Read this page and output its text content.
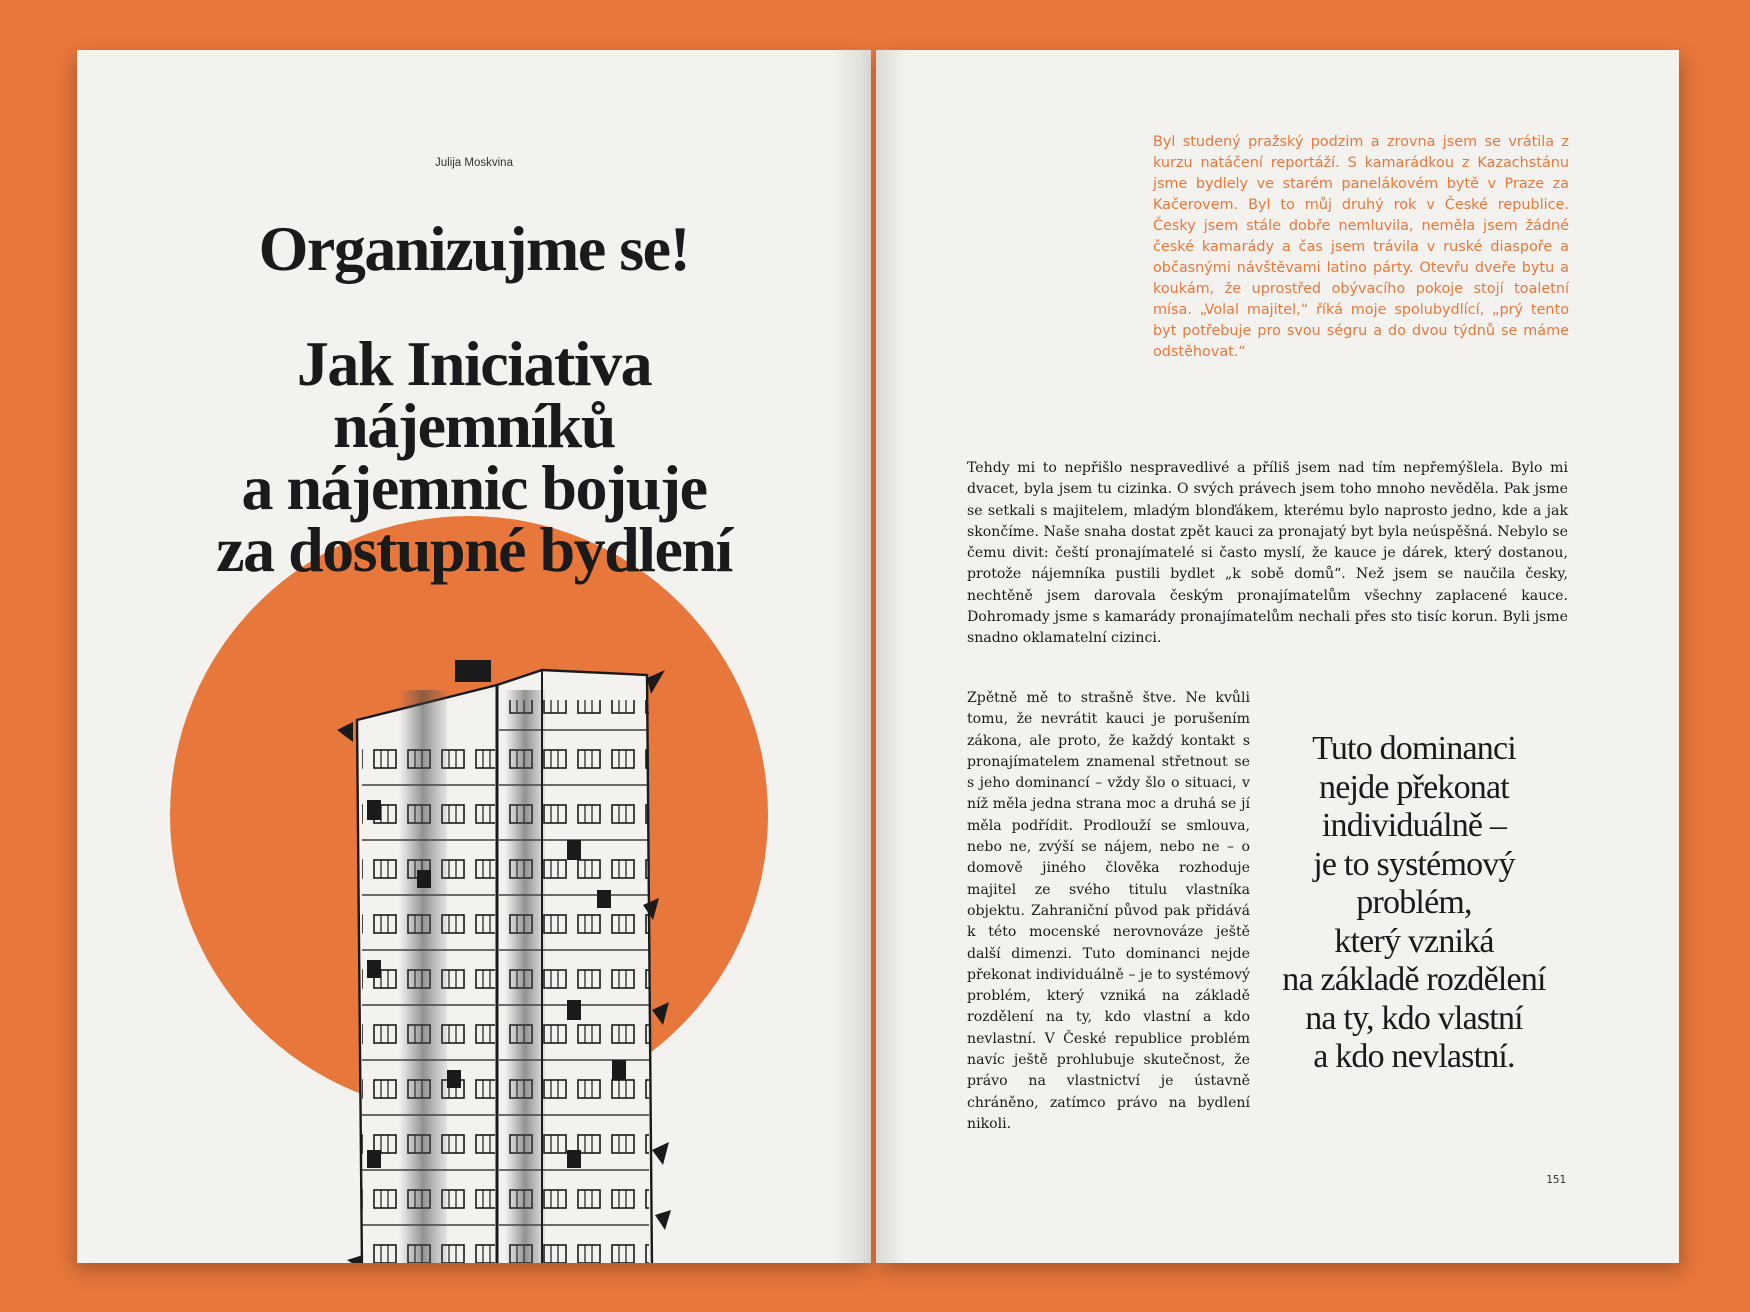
Julija Moskvina
Organizujme se!
Jak Iniciativa
nájemníků
a nájemnic bojuje
za dostupné bydlení

Byl studený pražský podzim a zrovna jsem se vrátila z kurzu natáčení reportáží. S kamarádkou z Kazachstánu jsme bydlely ve starém panelákovém bytě v Praze za Kačerovem. Byl to můj druhý rok v České republice. Česky jsem stále dobře nemluvila, neměla jsem žádné české kamarády a čas jsem trávila v ruské diaspoře a občasnými návštěvami latino párty. Otevřu dveře bytu a koukám, že uprostřed obývacího pokoje stojí toaletní mísa. „Volal majitel,“ říká moje spolubydlící, „prý tento byt potřebuje pro svou ségru a do dvou týdnů se máme odstěhovat.“

Tehdy mi to nepřišlo nespravedlivé a příliš jsem nad tím nepřemýšlela. Bylo mi dvacet, byla jsem tu cizinka. O svých právech jsem toho mnoho nevěděla. Pak jsme se setkali s majitelem, mladým blonďákem, kterému bylo naprosto jedno, kde a jak skončíme. Naše snaha dostat zpět kauci za pronajatý byt byla neúspěšná. Nebylo se čemu divit: čeští pronajímatelé si často myslí, že kauce je dárek, který dostanou, protože nájemníka pustili bydlet „k sobě domů“. Než jsem se naučila česky, nechtěně jsem darovala českým pronajímatelům všechny zaplacené kauce. Dohromady jsme s kamarády pronajímatelům nechali přes sto tisíc korun. Byli jsme snadno oklamatelní cizinci.

Zpětně mě to strašně štve. Ne kvůli tomu, že nevrátit kauci je porušením zákona, ale proto, že každý kontakt s pronajímatelem znamenal střetnout se s jeho dominancí – vždy šlo o situaci, v níž měla jedna strana moc a druhá se jí měla podřídit. Prodlouží se smlouva, nebo ne, zvýší se nájem, nebo ne – o domově jiného člověka rozhoduje majitel ze svého titulu vlastníka objektu. Zahraniční původ pak přidává k této mocenské nerovnováze ještě další dimenzi. Tuto dominanci nejde překonat individuálně – je to systémový problém, který vzniká na základě rozdělení na ty, kdo vlastní a kdo nevlastní. V České republice problém navíc ještě prohlubuje skutečnost, že právo na vlastnictví je ústavně chráněno, zatímco právo na bydlení nikoli.

Tuto dominanci
nejde překonat
individuálně –
je to systémový
problém,
který vzniká
na základě rozdělení
na ty, kdo vlastní
a kdo nevlastní.

151
